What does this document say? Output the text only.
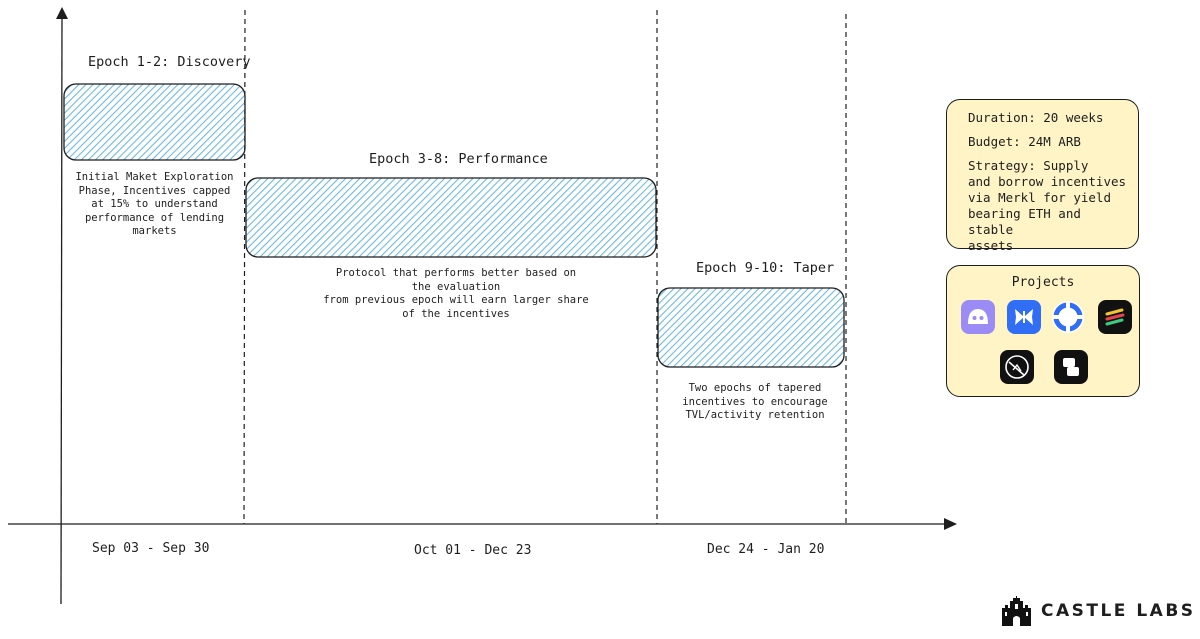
Epoch 1-2: Discovery
Epoch 3-8: Performance
Epoch 9-10: Taper
Initial Maket Exploration
Phase, Incentives capped
at 15% to understand
performance of lending
markets
Protocol that performs better based on
the evaluation
from previous epoch will earn larger share
of the incentives
Two epochs of tapered
incentives to encourage
TVL/activity retention
Sep 03 - Sep 30	Oct 01 - Dec 23	Dec 24 - Jan 20
Duration: 20 weeks
Budget: 24M ARB
Strategy: Supply
and borrow incentives
via Merkl for yield
bearing ETH and stable
assets
Projects
CASTLE LABS
